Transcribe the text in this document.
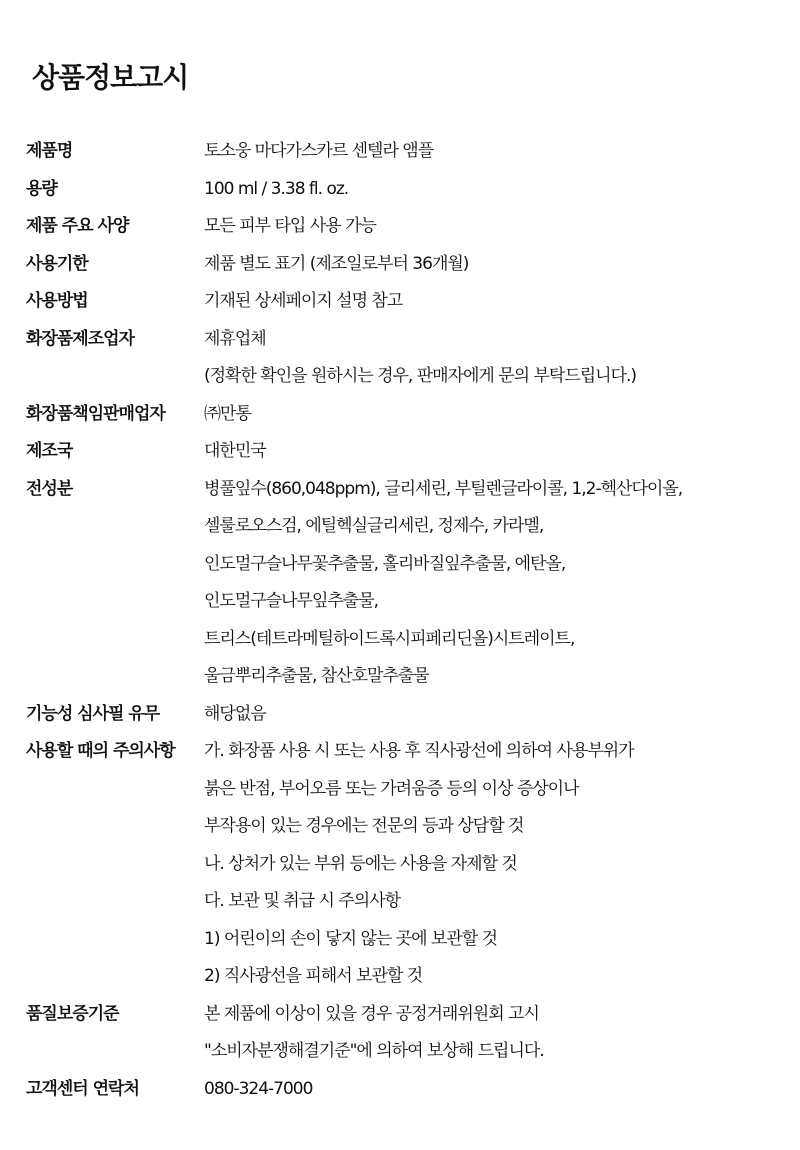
상품정보고시
제품명	토소웅 마다가스카르 센텔라 앰플
용량	100 ml / 3.38 fl. oz.
제품 주요 사양	모든 피부 타입 사용 가능
사용기한	제품 별도 표기 (제조일로부터 36개월)
사용방법	기재된 상세페이지 설명 참고
화장품제조업자	제휴업체
(정확한 확인을 원하시는 경우, 판매자에게 문의 부탁드립니다.)
화장품책임판매업자	㈜만통
제조국	대한민국
전성분	병풀잎수(860,048ppm), 글리세린, 부틸렌글라이콜, 1,2-헥산다이올,
셀룰로오스검, 에틸헥실글리세린, 정제수, 카라멜,
인도멀구슬나무꽃추출물, 홀리바질잎추출물, 에탄올,
인도멀구슬나무잎추출물,
트리스(테트라메틸하이드록시피페리딘올)시트레이트,
울금뿌리추출물, 참산호말추출물
기능성 심사필 유무	해당없음
사용할 때의 주의사항	가. 화장품 사용 시 또는 사용 후 직사광선에 의하여 사용부위가
붉은 반점, 부어오름 또는 가려움증 등의 이상 증상이나
부작용이 있는 경우에는 전문의 등과 상담할 것
나. 상처가 있는 부위 등에는 사용을 자제할 것
다. 보관 및 취급 시 주의사항
1) 어린이의 손이 닿지 않는 곳에 보관할 것
2) 직사광선을 피해서 보관할 것
품질보증기준	본 제품에 이상이 있을 경우 공정거래위원회 고시
"소비자분쟁해결기준"에 의하여 보상해 드립니다.
고객센터 연락처	080-324-7000
